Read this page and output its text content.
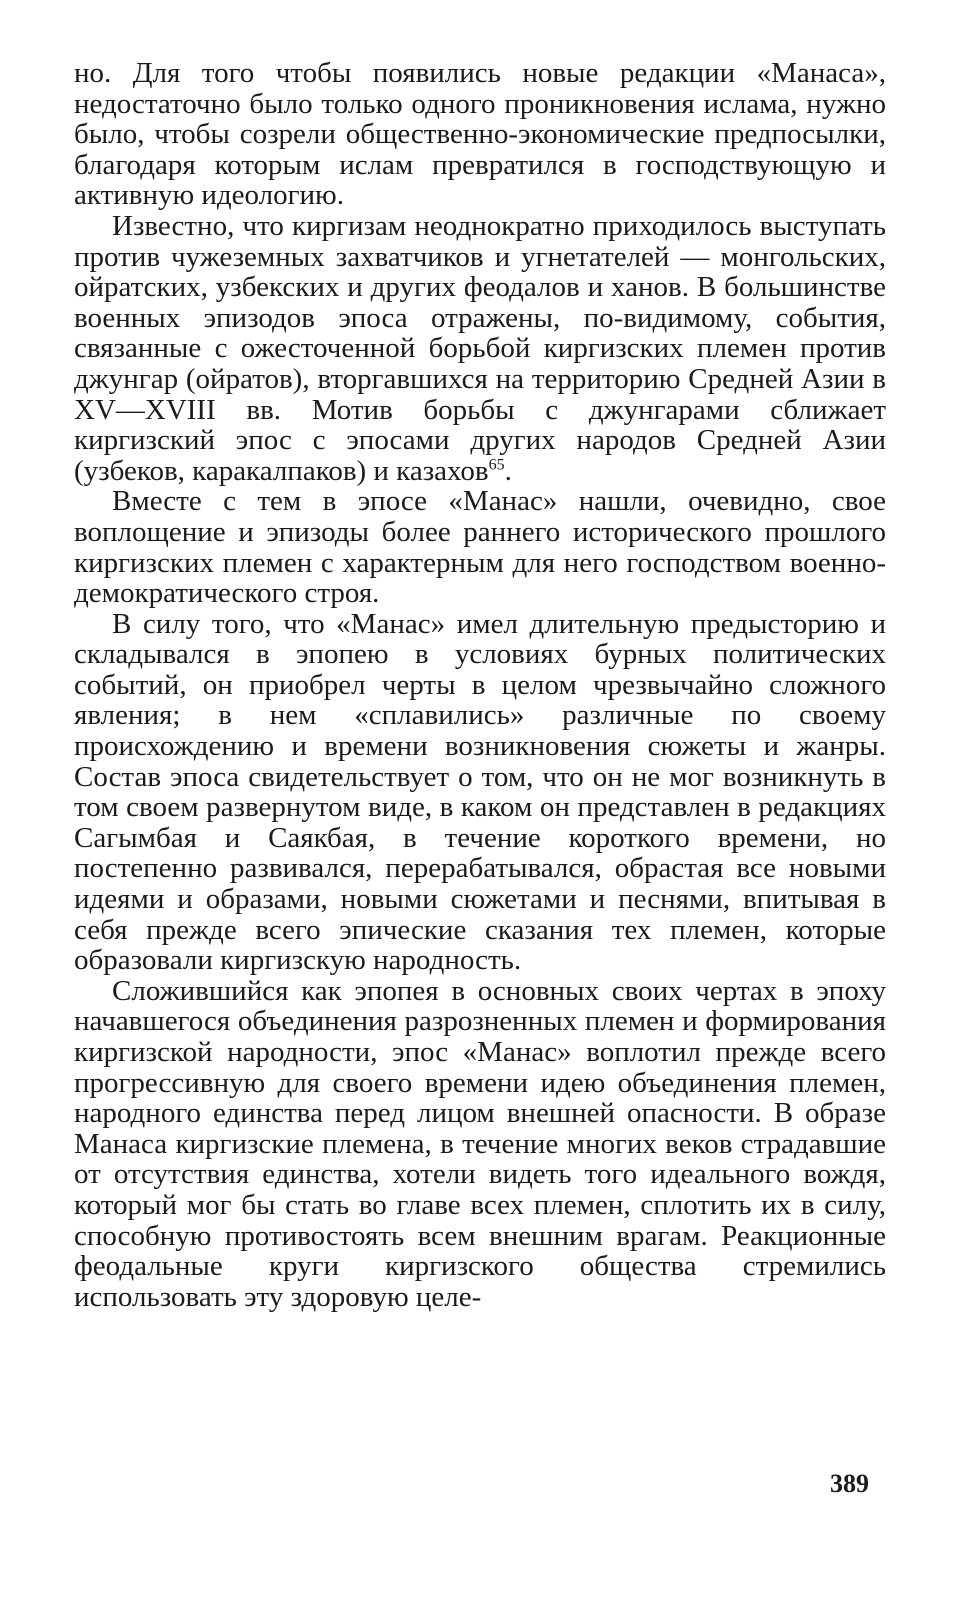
но. Для того чтобы появились новые редакции «Манаса», недостаточно было только одного проникновения ислама, нужно было, чтобы созрели общественно-экономические предпосылки, благодаря которым ислам превратился в господствующую и активную идеологию.

Известно, что киргизам неоднократно приходилось выступать против чужеземных захватчиков и угнетателей — монгольских, ойратских, узбекских и других феодалов и ханов. В большинстве военных эпизодов эпоса отражены, по-видимому, события, связанные с ожесточенной борьбой киргизских племен против джунгар (ойратов), вторгавшихся на территорию Средней Азии в XV—XVIII вв. Мотив борьбы с джунгарами сближает киргизский эпос с эпосами других народов Средней Азии (узбеков, каракалпаков) и казахов$^{65}$.

Вместе с тем в эпосе «Манас» нашли, очевидно, свое воплощение и эпизоды более раннего исторического прошлого киргизских племен с характерным для него господством военно-демократического строя.

В силу того, что «Манас» имел длительную предысторию и складывался в эпопею в условиях бурных политических событий, он приобрел черты в целом чрезвычайно сложного явления; в нем «сплавились» различные по своему происхождению и времени возникновения сюжеты и жанры. Состав эпоса свидетельствует о том, что он не мог возникнуть в том своем развернутом виде, в каком он представлен в редакциях Сагымбая и Саякбая, в течение короткого времени, но постепенно развивался, перерабатывался, обрастая все новыми идеями и образами, новыми сюжетами и песнями, впитывая в себя прежде всего эпические сказания тех племен, которые образовали киргизскую народность.

Сложившийся как эпопея в основных своих чертах в эпоху начавшегося объединения разрозненных племен и формирования киргизской народности, эпос «Манас» воплотил прежде всего прогрессивную для своего времени идею объединения племен, народного единства перед лицом внешней опасности. В образе Манаса киргизские племена, в течение многих веков страдавшие от отсутствия единства, хотели видеть того идеального вождя, который мог бы стать во главе всех племен, сплотить их в силу, способную противостоять всем внешним врагам. Реакционные феодальные круги киргизского общества стремились использовать эту здоровую целе-

389
